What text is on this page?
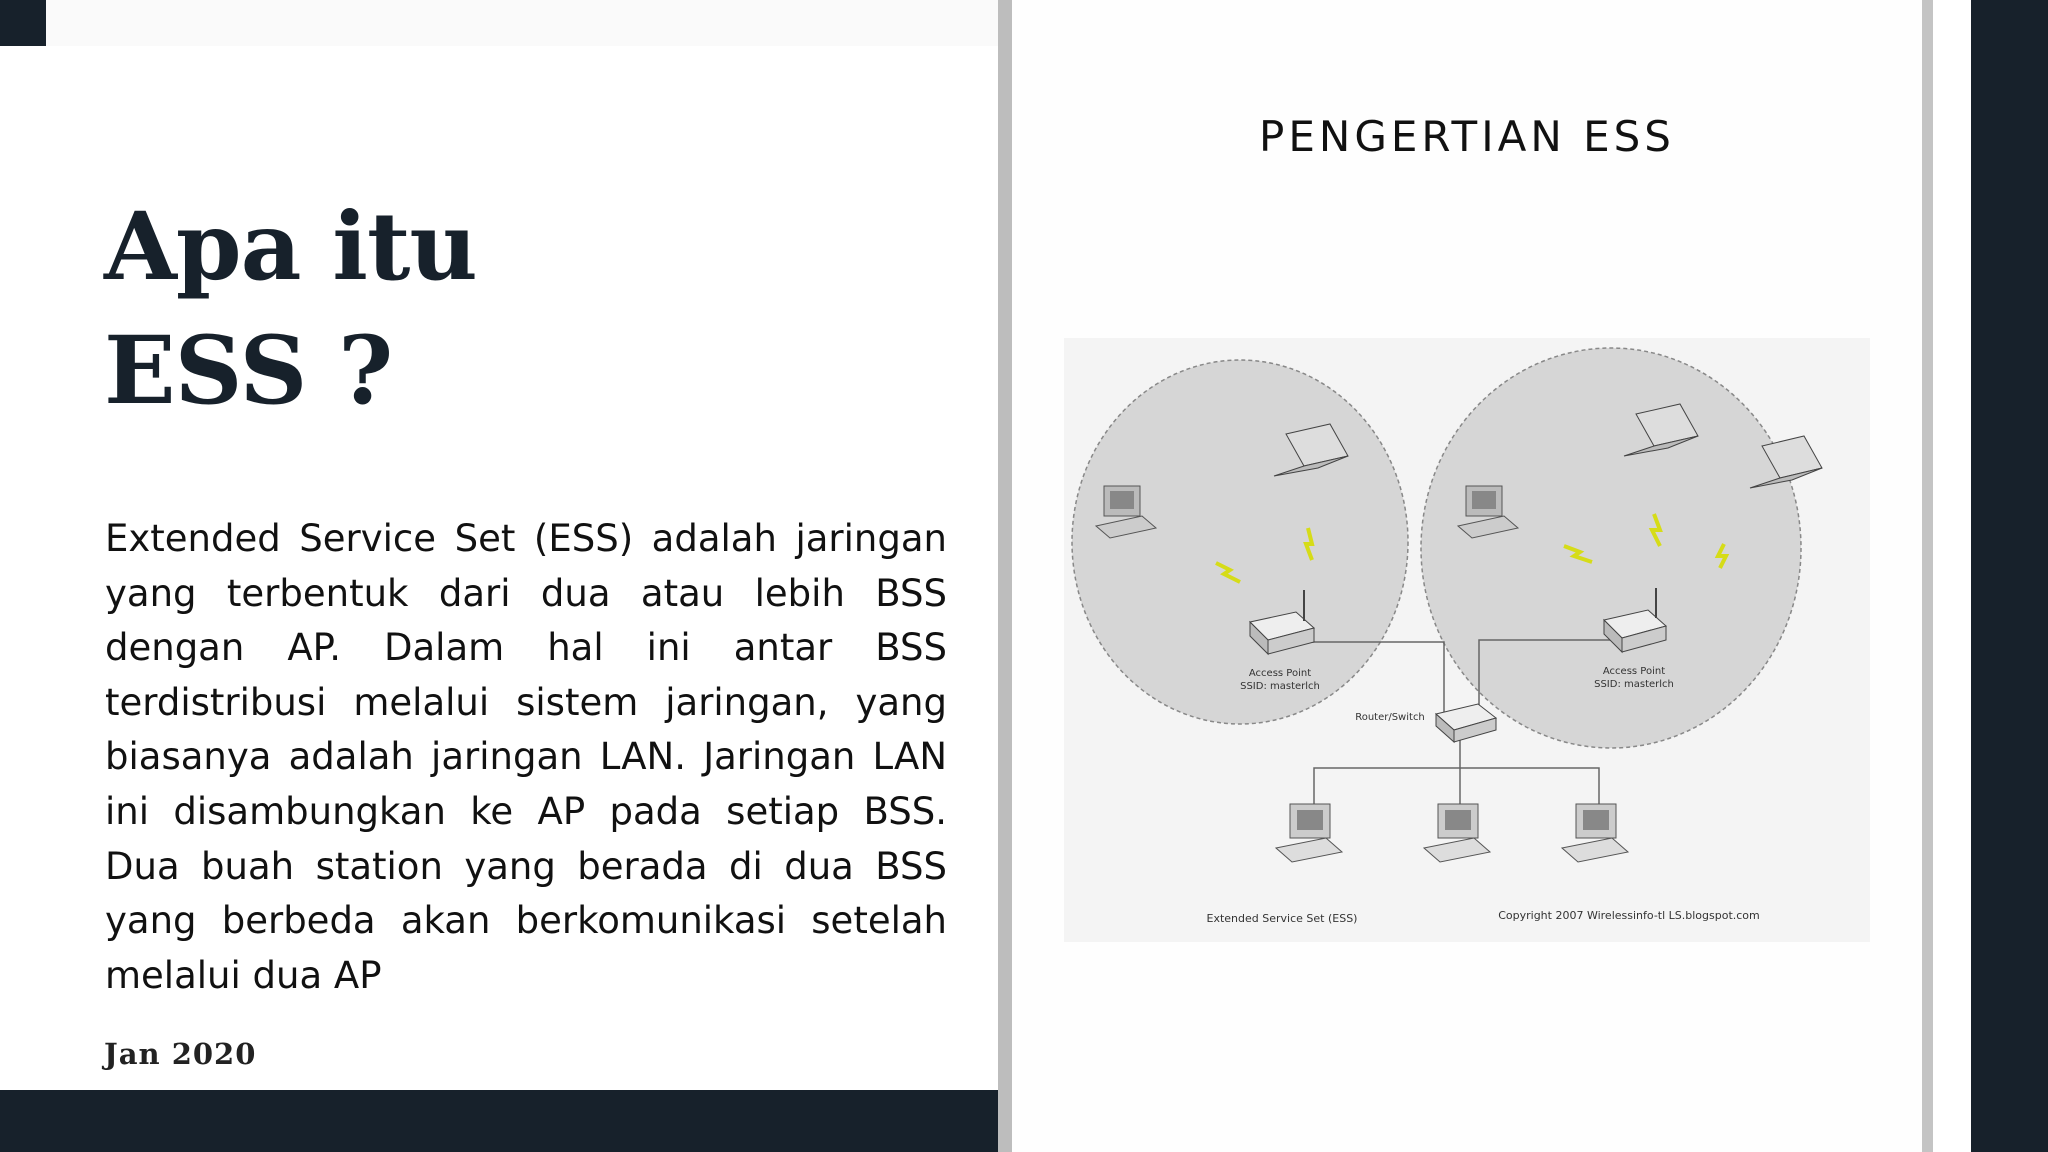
Apa itu
ESS ?

Extended Service Set (ESS) adalah jaringan yang terbentuk dari dua atau lebih BSS dengan AP. Dalam hal ini antar BSS terdistribusi melalui sistem jaringan, yang biasanya adalah jaringan LAN. Jaringan LAN ini disambungkan ke AP pada setiap BSS. Dua buah station yang berada di dua BSS yang berbeda akan berkomunikasi setelah melalui dua AP

Jan 2020
PENGERTIAN ESS
Access Point
SSID: masterlch
Access Point
SSID: masterlch
Router/Switch
Extended Service Set (ESS)	Copyright 2007 Wirelessinfo-tl LS.blogspot.com
